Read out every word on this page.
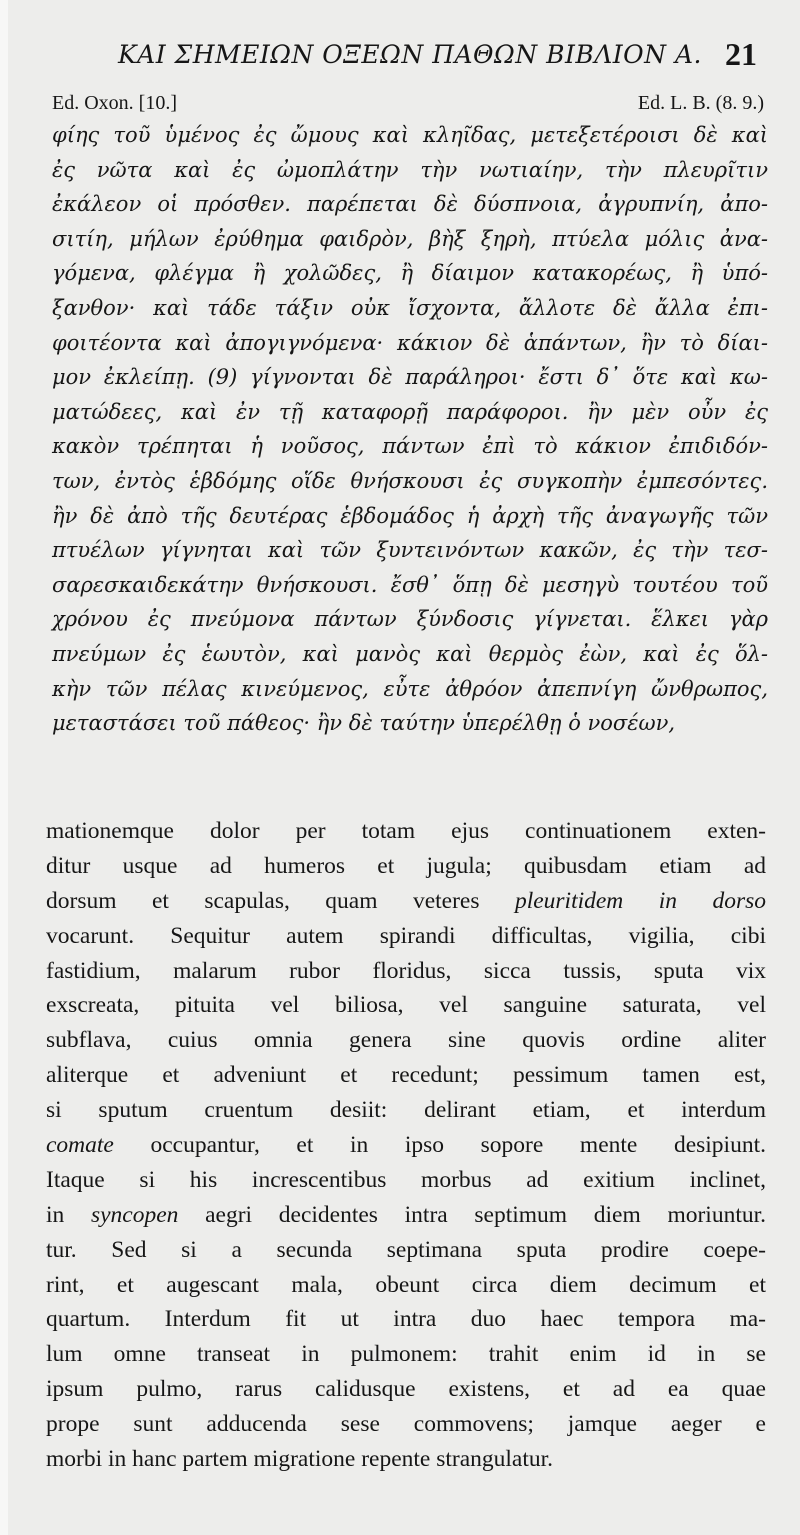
ΚΑΙ ΣΗΜΕΙΩΝ ΟΞΕΩΝ ΠΑΘΩΝ ΒΙΒΛΙΟΝ Α. 21
Ed. Oxon. [10.]	Ed. L. B. (8. 9.)
φίης τοῦ ὑμένος ἐς ὤμους καὶ κληῖδας, μετεξετέροισι δὲ καὶ
ἐς νῶτα καὶ ἐς ὠμοπλάτην τὴν νωτιαίην, τὴν πλευρῖτιν
ἐκάλεον οἱ πρόσθεν. παρέπεται δὲ δύσπνοια, ἀγρυπνίη, ἀπο-
σιτίη, μήλων ἐρύθημα φαιδρὸν, βὴξ ξηρὴ, πτύελα μόλις ἀνα-
γόμενα, φλέγμα ἢ χολῶδες, ἢ δίαιμον κατακορέως, ἢ ὑπό-
ξανθον· καὶ τάδε τάξιν οὐκ ἴσχοντα, ἄλλοτε δὲ ἄλλα ἐπι-
φοιτέοντα καὶ ἀπογιγνόμενα· κάκιον δὲ ἁπάντων, ἢν τὸ δίαι-
μον ἐκλείπῃ. (9) γίγνονται δὲ παράληροι· ἔστι δ᾽ ὅτε καὶ κω-
ματώδεες, καὶ ἐν τῇ καταφορῇ παράφοροι. ἢν μὲν οὖν ἐς
κακὸν τρέπηται ἡ νοῦσος, πάντων ἐπὶ τὸ κάκιον ἐπιδιδόν-
των, ἐντὸς ἑβδόμης οἵδε θνήσκουσι ἐς συγκοπὴν ἐμπεσόντες.
ἢν δὲ ἀπὸ τῆς δευτέρας ἑβδομάδος ἡ ἀρχὴ τῆς ἀναγωγῆς τῶν
πτυέλων γίγνηται καὶ τῶν ξυντεινόντων κακῶν, ἐς τὴν τεσ-
σαρεσκαιδεκάτην θνήσκουσι. ἔσθ᾽ ὅπῃ δὲ μεσηγὺ τουτέου τοῦ
χρόνου ἐς πνεύμονα πάντων ξύνδοσις γίγνεται. ἕλκει γὰρ
πνεύμων ἐς ἑωυτὸν, καὶ μανὸς καὶ θερμὸς ἐὼν, καὶ ἐς ὅλ-
κὴν τῶν πέλας κινεύμενος, εὖτε ἀθρόον ἀπεπνίγη ὤνθρωπος,
μεταστάσει τοῦ πάθεος· ἢν δὲ ταύτην ὑπερέλθῃ ὁ νοσέων,
mationemque dolor per totam ejus continuationem exten-
ditur usque ad humeros et jugula; quibusdam etiam ad
dorsum et scapulas, quam veteres pleuritidem in dorso
vocarunt. Sequitur autem spirandi difficultas, vigilia, cibi
fastidium, malarum rubor floridus, sicca tussis, sputa vix
exscreata, pituita vel biliosa, vel sanguine saturata, vel
subflava, cuius omnia genera sine quovis ordine aliter
aliterque et adveniunt et recedunt; pessimum tamen est,
si sputum cruentum desiit: delirant etiam, et interdum
comate occupantur, et in ipso sopore mente desipiunt.
Itaque si his increscentibus morbus ad exitium inclinet,
in syncopen aegri decidentes intra septimum diem moriuntur.
tur. Sed si a secunda septimana sputa prodire coepe-
rint, et augescant mala, obeunt circa diem decimum et
quartum. Interdum fit ut intra duo haec tempora ma-
lum omne transeat in pulmonem: trahit enim id in se
ipsum pulmo, rarus calidusque existens, et ad ea quae
prope sunt adducenda sese commovens; jamque aeger e
morbi in hanc partem migratione repente strangulatur.
